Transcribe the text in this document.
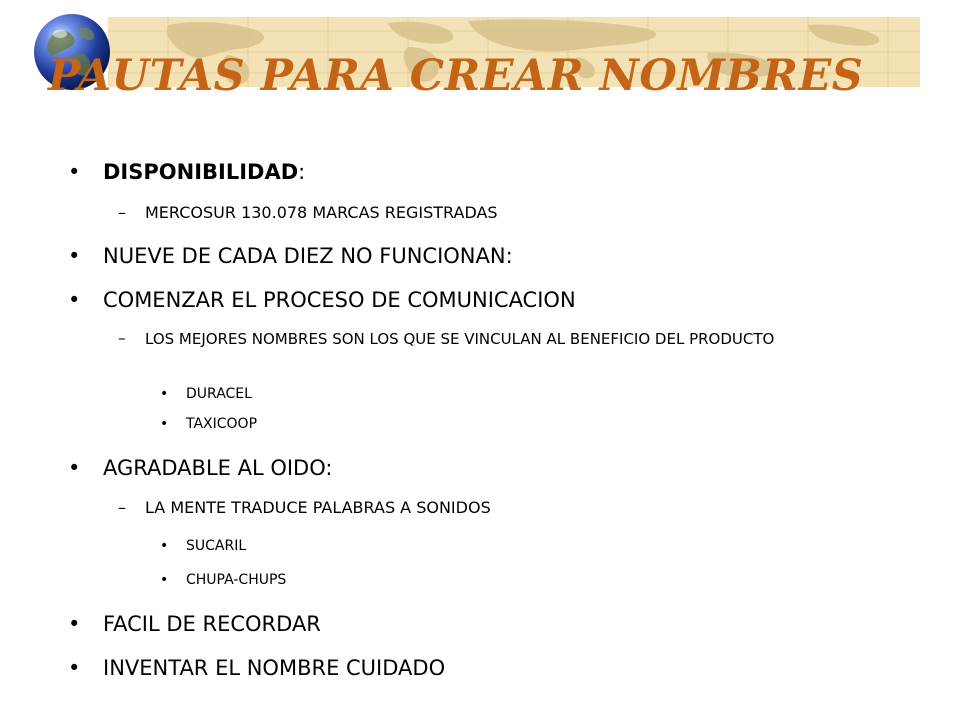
PAUTAS PARA CREAR NOMBRES
• DISPONIBILIDAD:
– MERCOSUR 130.078 MARCAS REGISTRADAS
• NUEVE DE CADA DIEZ NO FUNCIONAN:
• COMENZAR EL PROCESO DE COMUNICACION
– LOS MEJORES NOMBRES SON LOS QUE SE VINCULAN AL BENEFICIO DEL PRODUCTO
• DURACEL
• TAXICOOP
• AGRADABLE AL OIDO:
– LA MENTE TRADUCE PALABRAS A SONIDOS
• SUCARIL
• CHUPA-CHUPS
• FACIL DE RECORDAR
• INVENTAR EL NOMBRE CUIDADO
